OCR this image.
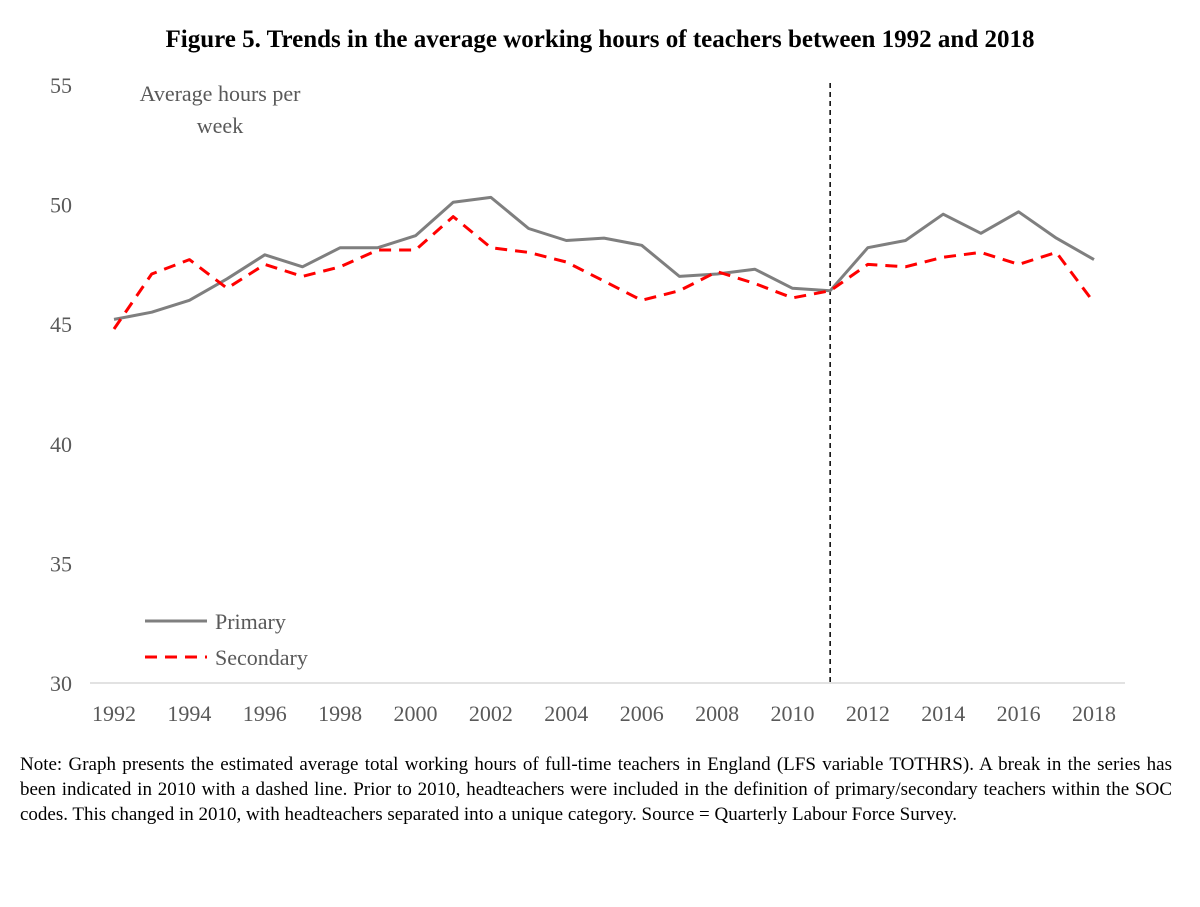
Figure 5. Trends in the average working hours of teachers between 1992 and 2018
Average hours per
week
30
35
40
45
50
55
1992 1994 1996 1998 2000 2002 2004 2006 2008 2010 2012 2014 2016 2018
Primary
Secondary
Note: Graph presents the estimated average total working hours of full-time teachers in England (LFS variable TOTHRS). A break in the series has been indicated in 2010 with a dashed line. Prior to 2010, headteachers were included in the definition of primary/secondary teachers within the SOC codes. This changed in 2010, with headteachers separated into a unique category. Source = Quarterly Labour Force Survey.
